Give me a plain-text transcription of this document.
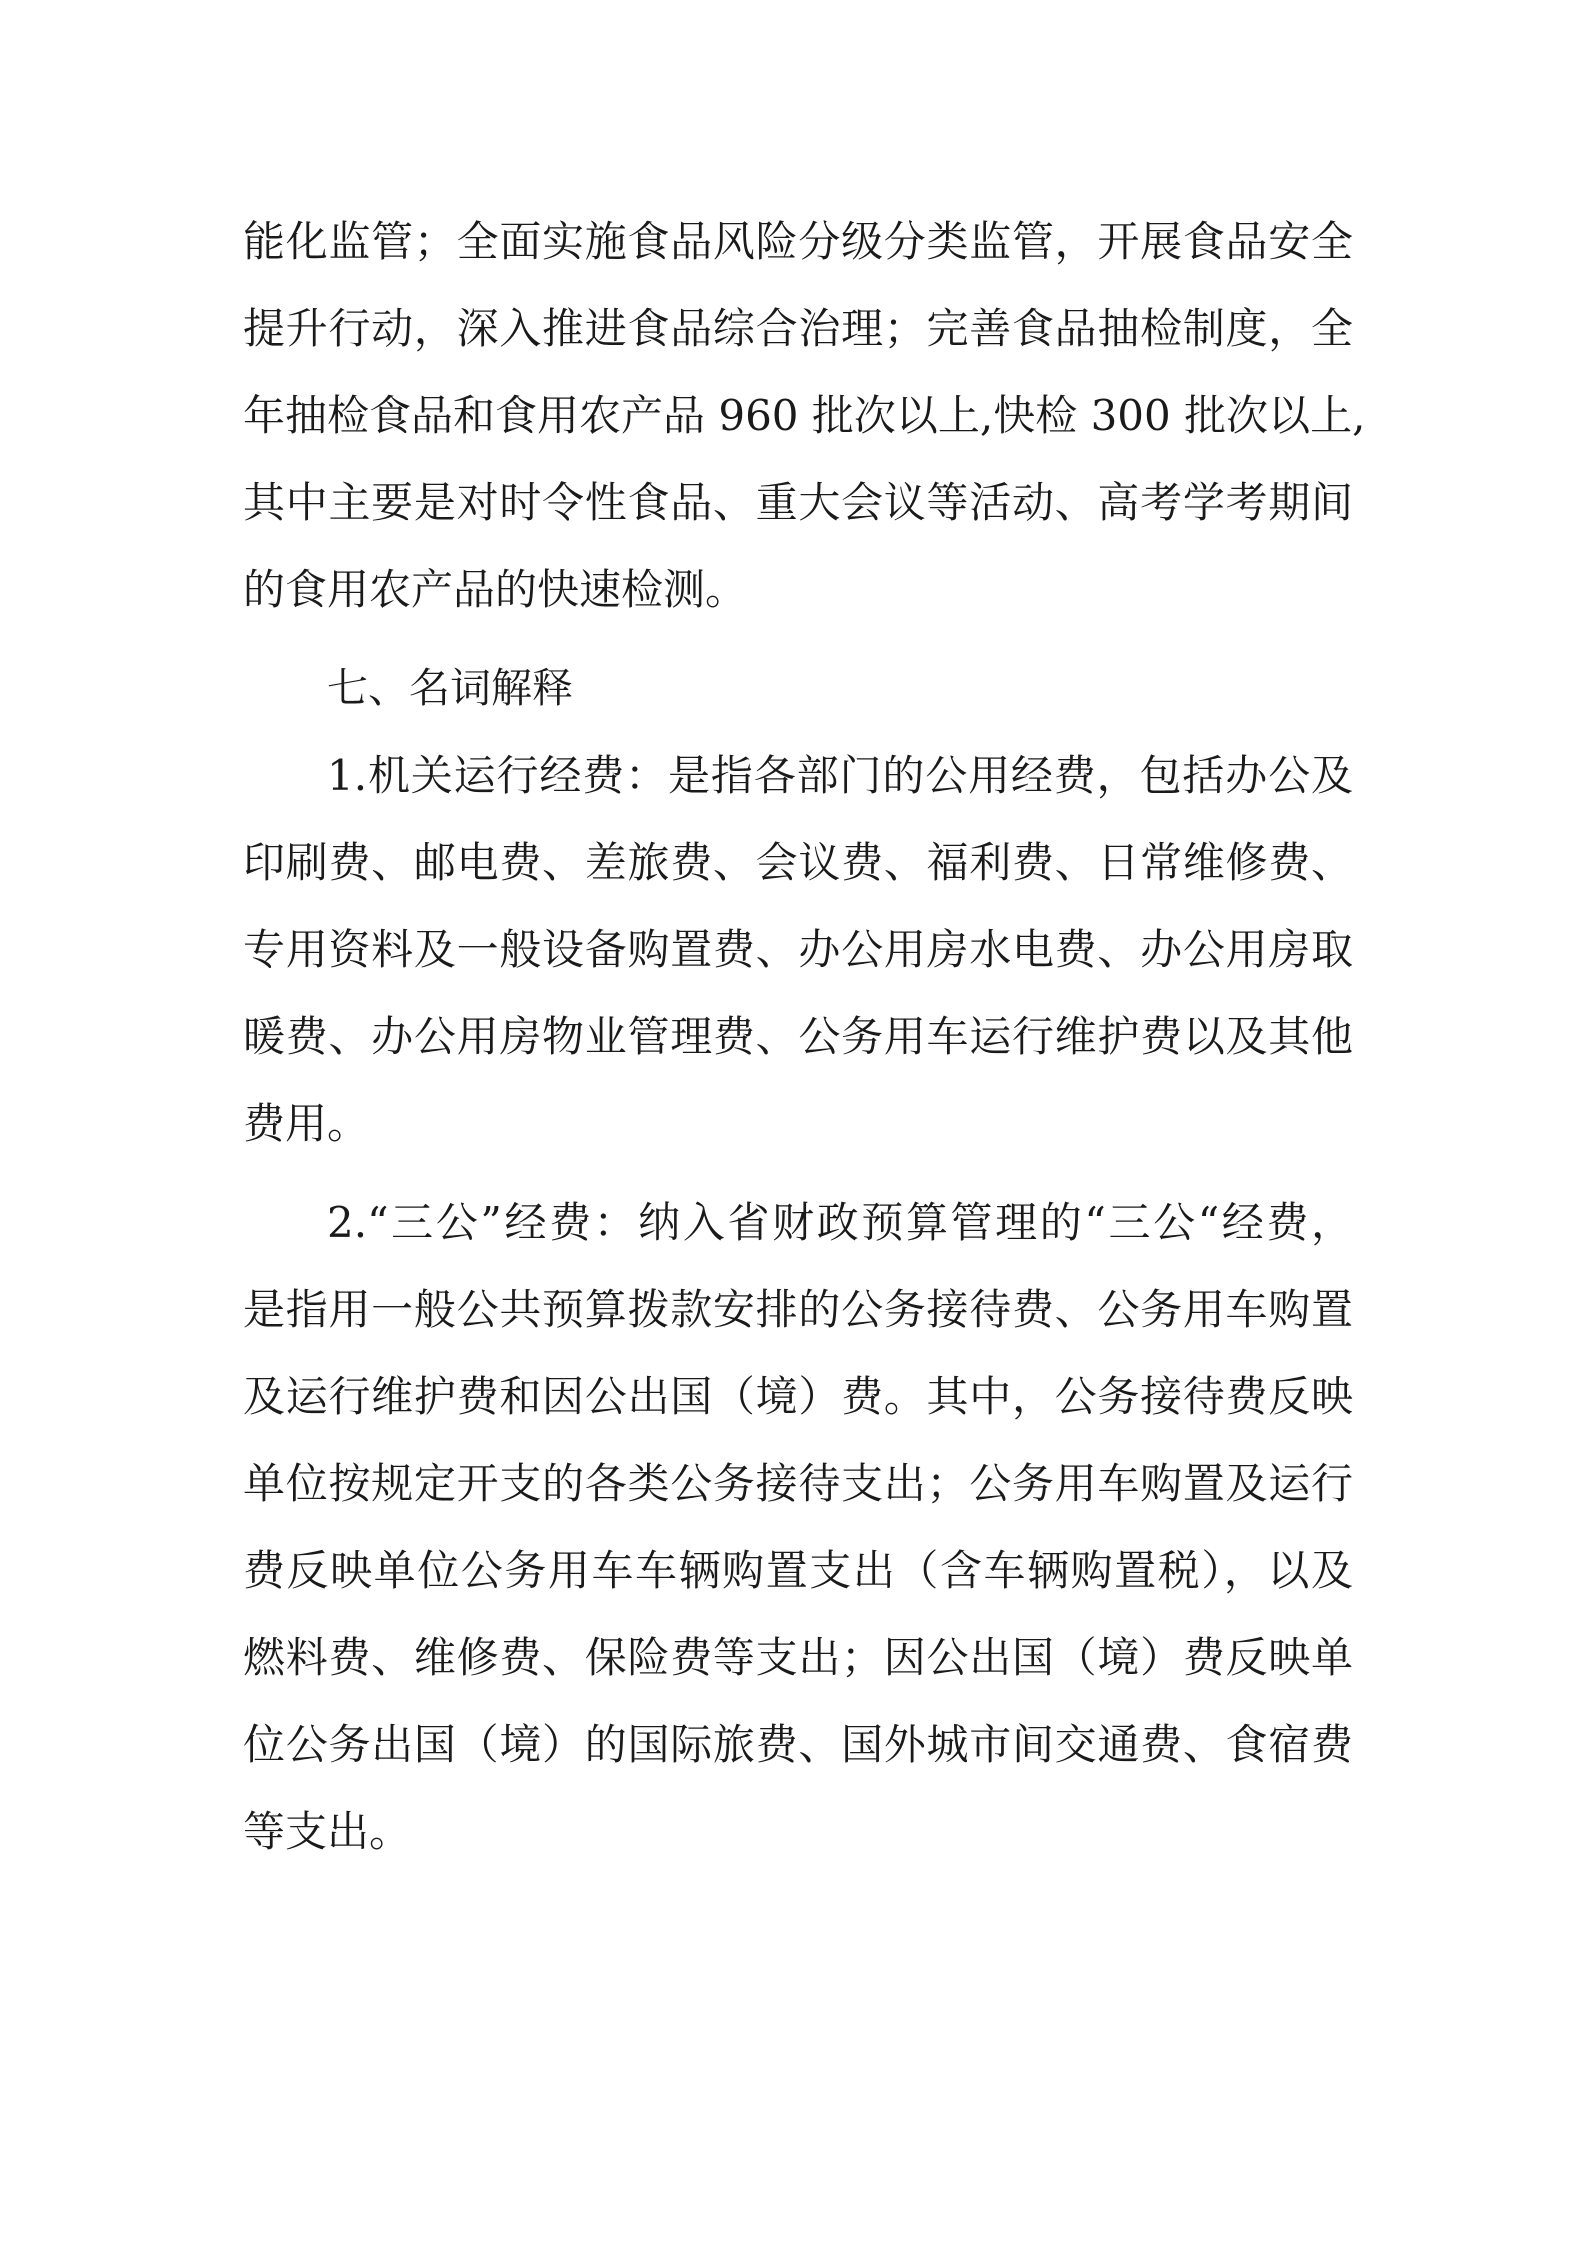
能化监管；全面实施食品风险分级分类监管，开展食品安全
提升行动，深入推进食品综合治理；完善食品抽检制度，全
年抽检食品和食用农产品 960 批次以上,快检 300 批次以上,
其中主要是对时令性食品、重大会议等活动、高考学考期间
的食用农产品的快速检测。
七、名词解释
1.机关运行经费：是指各部门的公用经费，包括办公及
印刷费、邮电费、差旅费、会议费、福利费、日常维修费、
专用资料及一般设备购置费、办公用房水电费、办公用房取
暖费、办公用房物业管理费、公务用车运行维护费以及其他
费用。
2.“三公”经费：纳入省财政预算管理的“三公“经费，
是指用一般公共预算拨款安排的公务接待费、公务用车购置
及运行维护费和因公出国（境）费。其中，公务接待费反映
单位按规定开支的各类公务接待支出；公务用车购置及运行
费反映单位公务用车车辆购置支出（含车辆购置税），以及
燃料费、维修费、保险费等支出；因公出国（境）费反映单
位公务出国（境）的国际旅费、国外城市间交通费、食宿费
等支出。
